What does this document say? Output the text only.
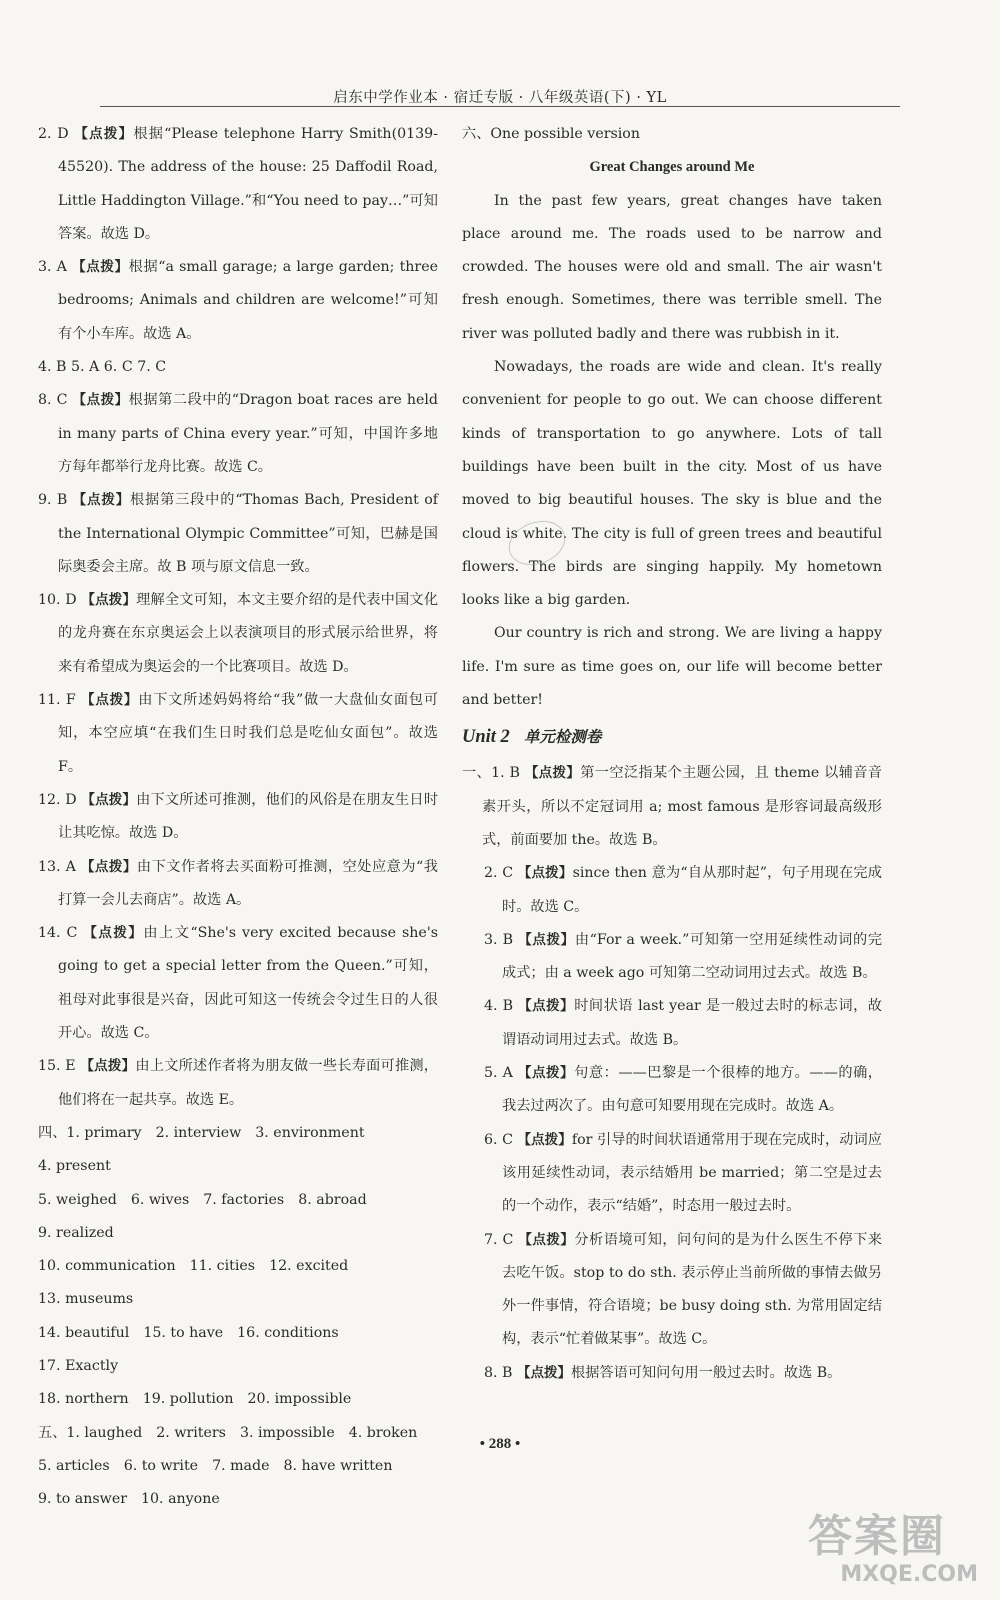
启东中学作业本 · 宿迁专版 · 八年级英语(下) · YL

2. D 【点拨】根据“Please telephone Harry Smith(0139-45520). The address of the house: 25 Daffodil Road, Little Haddington Village.”和“You need to pay…”可知答案。故选 D。

3. A 【点拨】根据“a small garage; a large garden; three bedrooms; Animals and children are welcome!”可知有个小车库。故选 A。

4. B 5. A 6. C 7. C

8. C 【点拨】根据第二段中的“Dragon boat races are held in many parts of China every year.”可知，中国许多地方每年都举行龙舟比赛。故选 C。

9. B 【点拨】根据第三段中的“Thomas Bach, President of the International Olympic Committee”可知，巴赫是国际奥委会主席。故 B 项与原文信息一致。

10. D 【点拨】理解全文可知，本文主要介绍的是代表中国文化的龙舟赛在东京奥运会上以表演项目的形式展示给世界，将来有希望成为奥运会的一个比赛项目。故选 D。

11. F 【点拨】由下文所述妈妈将给“我”做一大盘仙女面包可知，本空应填“在我们生日时我们总是吃仙女面包”。故选 F。

12. D 【点拨】由下文所述可推测，他们的风俗是在朋友生日时让其吃惊。故选 D。

13. A 【点拨】由下文作者将去买面粉可推测，空处应意为“我打算一会儿去商店”。故选 A。

14. C 【点拨】由上文“She's very excited because she's going to get a special letter from the Queen.”可知，祖母对此事很是兴奋，因此可知这一传统会令过生日的人很开心。故选 C。

15. E 【点拨】由上文所述作者将为朋友做一些长寿面可推测，他们将在一起共享。故选 E。

四、 1. primary 2. interview 3. environment
4. present
5. weighed 6. wives 7. factories 8. abroad
9. realized
10. communication 11. cities 12. excited
13. museums
14. beautiful 15. to have 16. conditions
17. Exactly
18. northern 19. pollution 20. impossible
五、 1. laughed 2. writers 3. impossible 4. broken
5. articles 6. to write 7. made 8. have written
9. to answer 10. anyone

六、One possible version

Great Changes around Me

In the past few years, great changes have taken place around me. The roads used to be narrow and crowded. The houses were old and small. The air wasn't fresh enough. Sometimes, there was terrible smell. The river was polluted badly and there was rubbish in it.

Nowadays, the roads are wide and clean. It's really convenient for people to go out. We can choose different kinds of transportation to go anywhere. Lots of tall buildings have been built in the city. Most of us have moved to big beautiful houses. The sky is blue and the cloud is white. The city is full of green trees and beautiful flowers. The birds are singing happily. My hometown looks like a big garden.

Our country is rich and strong. We are living a happy life. I'm sure as time goes on, our life will become better and better!

Unit 2 单元检测卷

一、1. B 【点拨】第一空泛指某个主题公园，且 theme 以辅音音素开头，所以不定冠词用 a; most famous 是形容词最高级形式，前面要加 the。故选 B。

2. C 【点拨】since then 意为“自从那时起”，句子用现在完成时。故选 C。

3. B 【点拨】由“For a week.”可知第一空用延续性动词的完成式；由 a week ago 可知第二空动词用过去式。故选 B。

4. B 【点拨】时间状语 last year 是一般过去时的标志词，故谓语动词用过去式。故选 B。

5. A 【点拨】句意：——巴黎是一个很棒的地方。——的确，我去过两次了。由句意可知要用现在完成时。故选 A。

6. C 【点拨】for 引导的时间状语通常用于现在完成时，动词应该用延续性动词，表示结婚用 be married；第二空是过去的一个动作，表示“结婚”，时态用一般过去时。

7. C 【点拨】分析语境可知，问句问的是为什么医生不停下来去吃午饭。stop to do sth. 表示停止当前所做的事情去做另外一件事情，符合语境；be busy doing sth. 为常用固定结构，表示“忙着做某事”。故选 C。

8. B 【点拨】根据答语可知问句用一般过去时。故选 B。

• 288 •
答案圈
MXQE.COM
